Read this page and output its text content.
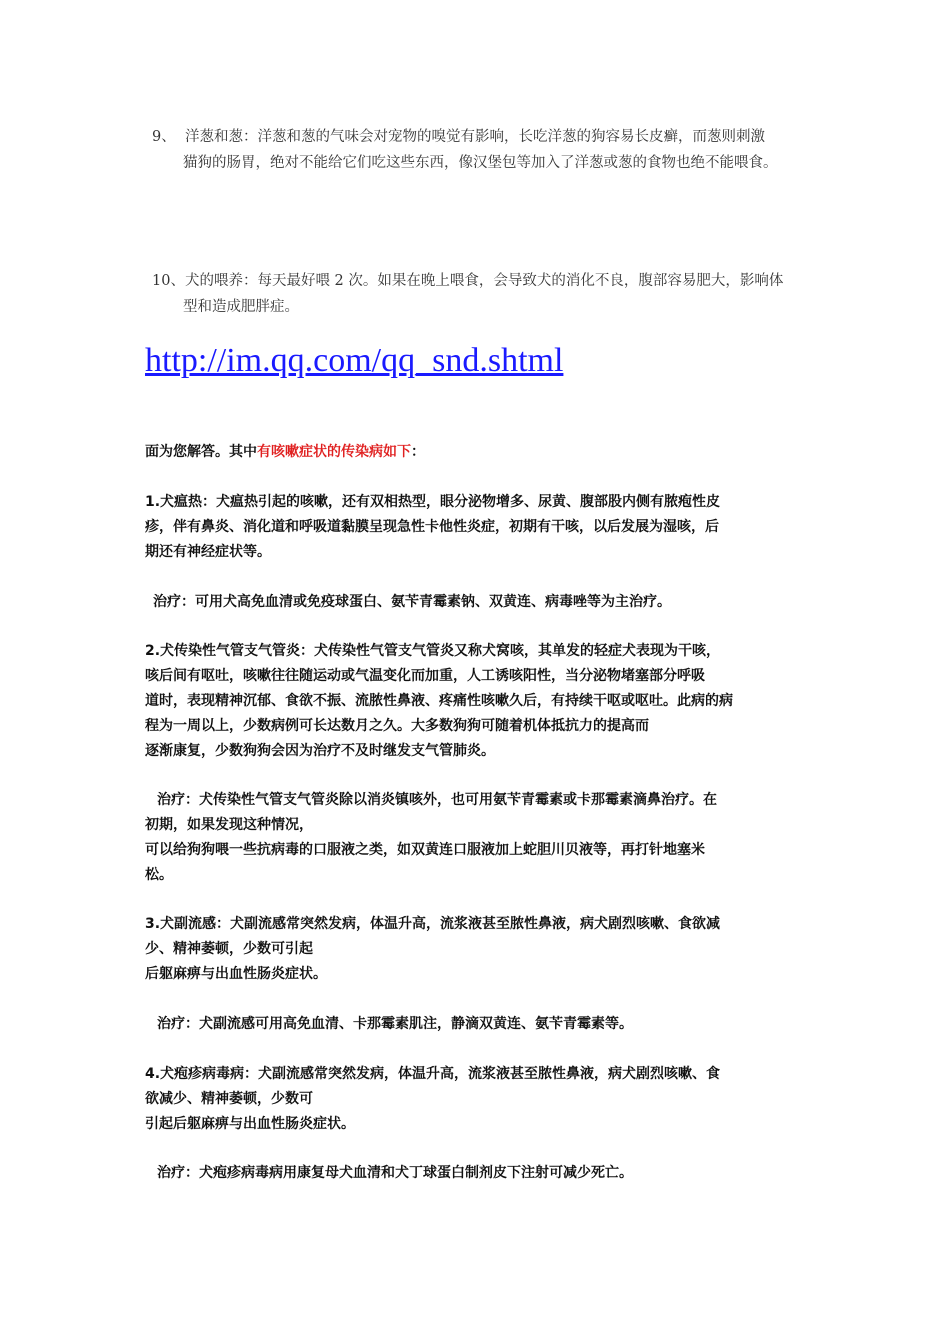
9、 洋葱和葱：洋葱和葱的气味会对宠物的嗅觉有影响，长吃洋葱的狗容易长皮癣，而葱则刺激
猫狗的肠胃，绝对不能给它们吃这些东西，像汉堡包等加入了洋葱或葱的食物也绝不能喂食。
10、犬的喂养：每天最好喂 2 次。如果在晚上喂食，会导致犬的消化不良，腹部容易肥大，影响体
型和造成肥胖症。
http://im.qq.com/qq_snd.shtml
面为您解答。其中有咳嗽症状的传染病如下：
1.犬瘟热：犬瘟热引起的咳嗽，还有双相热型，眼分泌物增多、尿黄、腹部股内侧有脓疱性皮
疹，伴有鼻炎、消化道和呼吸道黏膜呈现急性卡他性炎症，初期有干咳，以后发展为湿咳，后
期还有神经症状等。
治疗：可用犬高免血清或免疫球蛋白、氨苄青霉素钠、双黄连、病毒唑等为主治疗。
2.犬传染性气管支气管炎：犬传染性气管支气管炎又称犬窝咳，其单发的轻症犬表现为干咳，
咳后间有呕吐，咳嗽往往随运动或气温变化而加重，人工诱咳阳性，当分泌物堵塞部分呼吸
道时，表现精神沉郁、食欲不振、流脓性鼻液、疼痛性咳嗽久后，有持续干呕或呕吐。此病的病
程为一周以上，少数病例可长达数月之久。大多数狗狗可随着机体抵抗力的提高而
逐渐康复，少数狗狗会因为治疗不及时继发支气管肺炎。
治疗：犬传染性气管支气管炎除以消炎镇咳外，也可用氨苄青霉素或卡那霉素滴鼻治疗。在
初期，如果发现这种情况，
可以给狗狗喂一些抗病毒的口服液之类，如双黄连口服液加上蛇胆川贝液等，再打针地塞米
松。
3.犬副流感：犬副流感常突然发病，体温升高，流浆液甚至脓性鼻液，病犬剧烈咳嗽、食欲减
少、精神萎顿，少数可引起
后躯麻痹与出血性肠炎症状。
治疗：犬副流感可用高免血清、卡那霉素肌注，静滴双黄连、氨苄青霉素等。
4.犬疱疹病毒病：犬副流感常突然发病，体温升高，流浆液甚至脓性鼻液，病犬剧烈咳嗽、食
欲减少、精神萎顿，少数可
引起后躯麻痹与出血性肠炎症状。
治疗：犬疱疹病毒病用康复母犬血清和犬丁球蛋白制剂皮下注射可减少死亡。
